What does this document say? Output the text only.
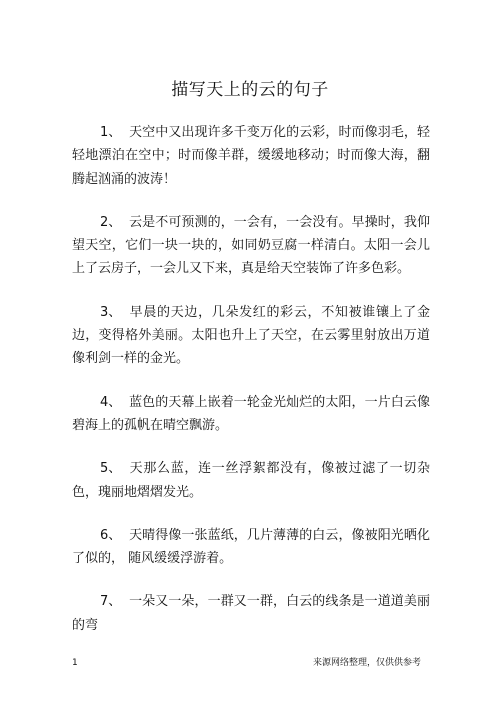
描写天上的云的句子
1、 天空中又出现许多千变万化的云彩，时而像羽毛，轻轻地漂泊在空中；时而像羊群，缓缓地移动；时而像大海，翻腾起汹涌的波涛！
2、 云是不可预测的，一会有，一会没有。早操时，我仰望天空，它们一块一块的，如同奶豆腐一样清白。太阳一会儿上了云房子，一会儿又下来，真是给天空装饰了许多色彩。
3、 早晨的天边，几朵发红的彩云，不知被谁镶上了金边，变得格外美丽。太阳也升上了天空，在云雾里射放出万道像利剑一样的金光。
4、 蓝色的天幕上嵌着一轮金光灿烂的太阳，一片白云像碧海上的孤帆在晴空飘游。
5、 天那么蓝，连一丝浮絮都没有，像被过滤了一切杂色，瑰丽地熠熠发光。
6、 天晴得像一张蓝纸，几片薄薄的白云，像被阳光晒化了似的， 随风缓缓浮游着。
7、 一朵又一朵，一群又一群，白云的线条是一道道美丽的弯
1	来源网络整理，仅供供参考
